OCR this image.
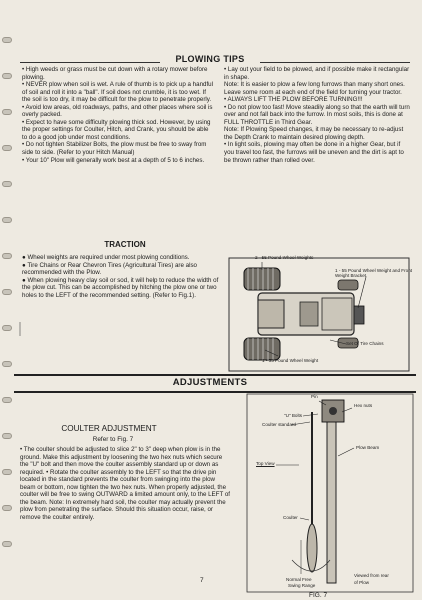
PLOWING TIPS

• High weeds or grass must be cut down with a rotary mower before plowing.

• NEVER plow when soil is wet. A rule of thumb is to pick up a handful of soil and roll it into a "ball". If soil does not crumble, it is too wet. If the soil is too dry, it may be difficult for the plow to penetrate properly.

• Avoid low areas, old roadways, paths, and other places where soil is overly packed.

• Expect to have some difficulty plowing thick sod. However, by using the proper settings for Coulter, Hitch, and Crank, you should be able to do a good job under most conditions.

• Do not tighten Stabilizer Bolts, the plow must be free to sway from side to side. (Refer to your Hitch Manual)

• Your 10" Plow will generally work best at a depth of 5 to 6 inches.

• Lay out your field to be plowed, and if possible make it rectangular in shape.

Note: It is easier to plow a few long furrows than many short ones. Leave some room at each end of the field for turning your tractor.

• ALWAYS LIFT THE PLOW BEFORE TURNING!!!

• Do not plow too fast! Move steadily along so that the earth will turn over and not fall back into the furrow. In most soils, this is done at FULL THROTTLE in Third Gear.

Note: If Plowing Speed changes, it may be necessary to re-adjust the Depth Crank to maintain desired plowing depth.

• In light soils, plowing may often be done in a higher Gear, but if you travel too fast, the furrows will be uneven and the dirt is apt to be thrown rather than rolled over.

TRACTION

● Wheel weights are required under most plowing conditions.

● Tire Chains or Rear Chevron Tires (Agricultural Tires) are also recommended with the Plow.

● When plowing heavy clay soil or sod, it will help to reduce the width of the plow cut. This can be accomplished by hitching the plow one or two holes to the LEFT of the recommended setting. (Refer to Fig.1).

2 - 55 Pound Wheel Weights
1 - 55 Pound Wheel Weight and Front Weight Bracket.
Set Of Tire Chains
1 - 55 Pound Wheel Weight
ADJUSTMENTS
COULTER ADJUSTMENT
Refer to Fig. 7

• The coulter should be adjusted to slice 2" to 3" deep when plow is in the ground. Make this adjustment by loosening the two hex nuts which secure the "U" bolt and then move the coulter assembly standard up or down as required. • Rotate the coulter assembly to the LEFT so that the drive pin located in the standard prevents the coulter from swinging into the plow beam or bottom, now tighten the two hex nuts. When properly adjusted, the coulter will be free to swing OUTWARD a limited amount only, to the LEFT of the beam. Note: In extremely hard soil, the coulter may actually prevent the plow from penetrating the surface. Should this situation occur, raise, or remove the coulter entirely.

Pin
Hex nuts
"U" Bolts
Coulter standard
Plow Beam
Top View
Coulter
Normal Free
Swing Range
Viewed from rear
of Plow
7
FIG. 7
